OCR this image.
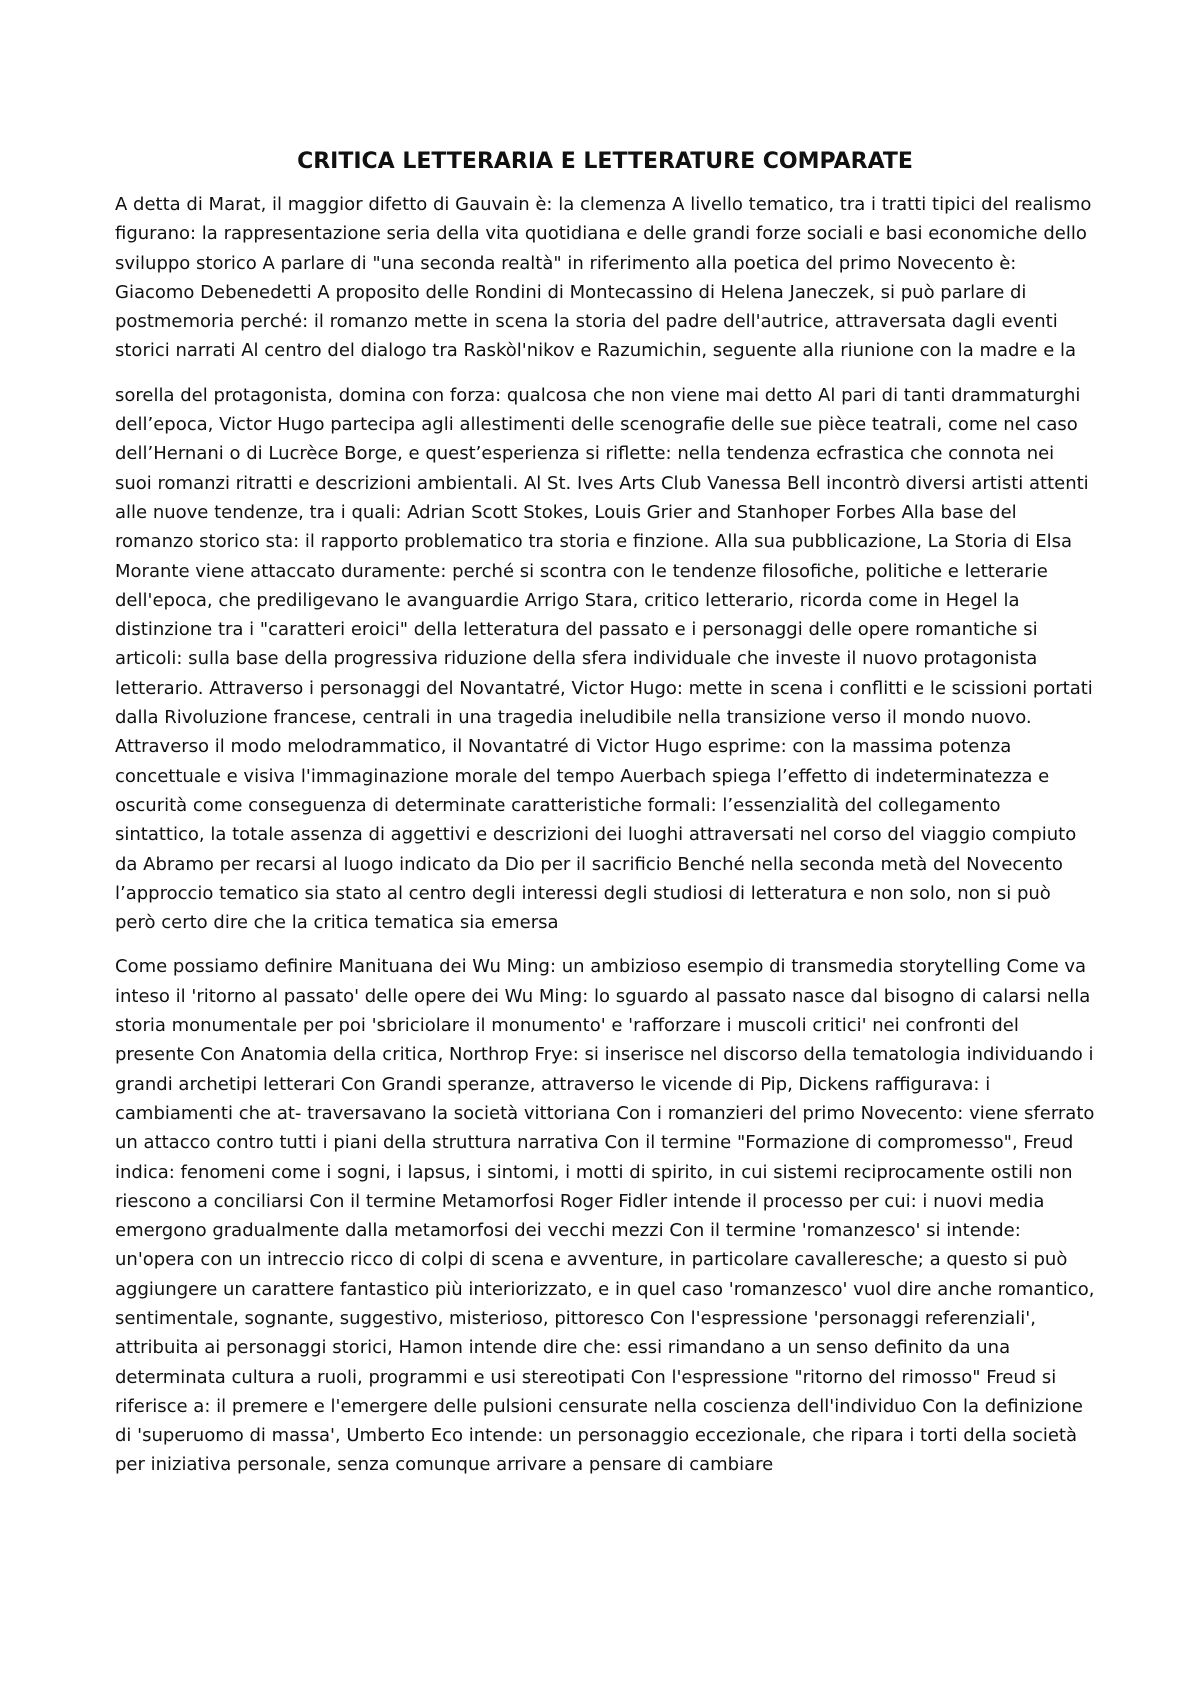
CRITICA LETTERARIA E LETTERATURE COMPARATE

A detta di Marat, il maggior difetto di Gauvain è: la clemenza A livello tematico, tra i tratti tipici del realismo figurano: la rappresentazione seria della vita quotidiana e delle grandi forze sociali e basi economiche dello sviluppo storico A parlare di "una seconda realtà" in riferimento alla poetica del primo Novecento è: Giacomo Debenedetti A proposito delle Rondini di Montecassino di Helena Janeczek, si può parlare di postmemoria perché: il romanzo mette in scena la storia del padre dell'autrice, attraversata dagli eventi storici narrati Al centro del dialogo tra Raskòl'nikov e Razumichin, seguente alla riunione con la madre e la

sorella del protagonista, domina con forza: qualcosa che non viene mai detto Al pari di tanti drammaturghi dell’epoca, Victor Hugo partecipa agli allestimenti delle scenografie delle sue pièce teatrali, come nel caso dell’Hernani o di Lucrèce Borge, e quest’esperienza si riflette: nella tendenza ecfrastica che connota nei suoi romanzi ritratti e descrizioni ambientali. Al St. Ives Arts Club Vanessa Bell incontrò diversi artisti attenti alle nuove tendenze, tra i quali: Adrian Scott Stokes, Louis Grier and Stanhoper Forbes Alla base del romanzo storico sta: il rapporto problematico tra storia e finzione. Alla sua pubblicazione, La Storia di Elsa Morante viene attaccato duramente: perché si scontra con le tendenze filosofiche, politiche e letterarie dell'epoca, che prediligevano le avanguardie Arrigo Stara, critico letterario, ricorda come in Hegel la distinzione tra i "caratteri eroici" della letteratura del passato e i personaggi delle opere romantiche si articoli: sulla base della progressiva riduzione della sfera individuale che investe il nuovo protagonista letterario. Attraverso i personaggi del Novantatré, Victor Hugo: mette in scena i conflitti e le scissioni portati dalla Rivoluzione francese, centrali in una tragedia ineludibile nella transizione verso il mondo nuovo. Attraverso il modo melodrammatico, il Novantatré di Victor Hugo esprime: con la massima potenza concettuale e visiva l'immaginazione morale del tempo Auerbach spiega l’effetto di indeterminatezza e oscurità come conseguenza di determinate caratteristiche formali: l’essenzialità del collegamento sintattico, la totale assenza di aggettivi e descrizioni dei luoghi attraversati nel corso del viaggio compiuto da Abramo per recarsi al luogo indicato da Dio per il sacrificio Benché nella seconda metà del Novecento l’approccio tematico sia stato al centro degli interessi degli studiosi di letteratura e non solo, non si può però certo dire che la critica tematica sia emersa

Come possiamo definire Manituana dei Wu Ming: un ambizioso esempio di transmedia storytelling Come va inteso il 'ritorno al passato' delle opere dei Wu Ming: lo sguardo al passato nasce dal bisogno di calarsi nella storia monumentale per poi 'sbriciolare il monumento' e 'rafforzare i muscoli critici' nei confronti del presente Con Anatomia della critica, Northrop Frye: si inserisce nel discorso della tematologia individuando i grandi archetipi letterari Con Grandi speranze, attraverso le vicende di Pip, Dickens raffigurava: i cambiamenti che at- traversavano la società vittoriana Con i romanzieri del primo Novecento: viene sferrato un attacco contro tutti i piani della struttura narrativa Con il termine "Formazione di compromesso", Freud indica: fenomeni come i sogni, i lapsus, i sintomi, i motti di spirito, in cui sistemi reciprocamente ostili non riescono a conciliarsi Con il termine Metamorfosi Roger Fidler intende il processo per cui: i nuovi media emergono gradualmente dalla metamorfosi dei vecchi mezzi Con il termine 'romanzesco' si intende: un'opera con un intreccio ricco di colpi di scena e avventure, in particolare cavalleresche; a questo si può aggiungere un carattere fantastico più interiorizzato, e in quel caso 'romanzesco' vuol dire anche romantico, sentimentale, sognante, suggestivo, misterioso, pittoresco Con l'espressione 'personaggi referenziali', attribuita ai personaggi storici, Hamon intende dire che: essi rimandano a un senso definito da una determinata cultura a ruoli, programmi e usi stereotipati Con l'espressione "ritorno del rimosso" Freud si riferisce a: il premere e l'emergere delle pulsioni censurate nella coscienza dell'individuo Con la definizione di 'superuomo di massa', Umberto Eco intende: un personaggio eccezionale, che ripara i torti della società per iniziativa personale, senza comunque arrivare a pensare di cambiare
